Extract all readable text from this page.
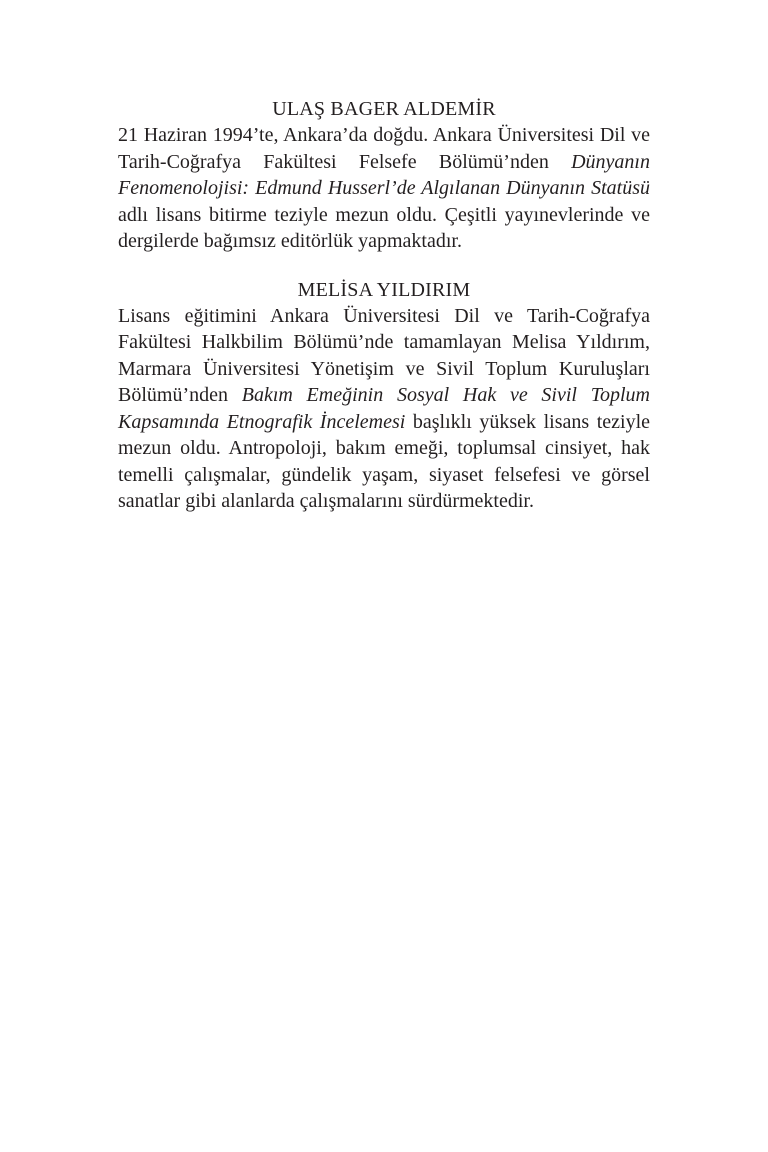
ULAŞ BAGER ALDEMİR

21 Haziran 1994’te, Ankara’da doğdu. Ankara Üniversitesi Dil ve Tarih-Coğrafya Fakültesi Felsefe Bölümü’nden Dünyanın Fenomenolojisi: Edmund Husserl’de Algılanan Dünyanın Statüsü adlı lisans bitirme teziyle mezun oldu. Çeşitli yayınevlerinde ve dergilerde bağımsız editörlük yapmaktadır.

MELİSA YILDIRIM

Lisans eğitimini Ankara Üniversitesi Dil ve Tarih-Coğrafya Fakültesi Halkbilim Bölümü’nde tamamlayan Melisa Yıldırım, Marmara Üniversitesi Yönetişim ve Sivil Toplum Kuruluşları Bölümü’nden Bakım Emeğinin Sosyal Hak ve Sivil Toplum Kapsamında Etnografik İncelemesi başlıklı yüksek lisans teziyle mezun oldu. Antropoloji, bakım emeği, toplumsal cinsiyet, hak temelli çalışmalar, gündelik yaşam, siyaset felsefesi ve görsel sanatlar gibi alanlarda çalışmalarını sürdürmektedir.
